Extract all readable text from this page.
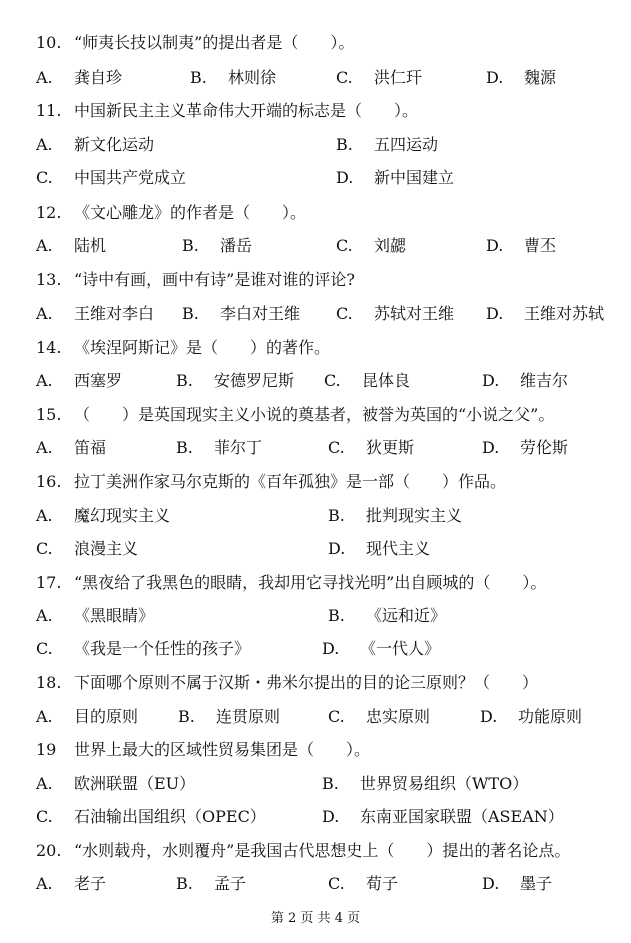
10. “师夷长技以制夷”的提出者是（　　）。
A. 龚自珍	B. 林则徐	C. 洪仁玕	D. 魏源
11. 中国新民主主义革命伟大开端的标志是（　　）。
A. 新文化运动	B. 五四运动
C. 中国共产党成立	D. 新中国建立
12. 《文心雕龙》的作者是（　　）。
A. 陆机	B. 潘岳	C. 刘勰	D. 曹丕
13. “诗中有画，画中有诗”是谁对谁的评论?
A. 王维对李白 B. 李白对王维 C. 苏轼对王维 D. 王维对苏轼
14. 《埃涅阿斯记》是（　　）的著作。
A. 西塞罗	B. 安德罗尼斯 C. 昆体良	D. 维吉尔
15. （　　）是英国现实主义小说的奠基者，被誉为英国的“小说之父”。
A. 笛福	B. 菲尔丁	C. 狄更斯	D. 劳伦斯
16. 拉丁美洲作家马尔克斯的《百年孤独》是一部（　　）作品。
A. 魔幻现实主义	B. 批判现实主义
C. 浪漫主义	D. 现代主义
17. “黑夜给了我黑色的眼睛，我却用它寻找光明”出自顾城的（　　）。
A. 《黑眼睛》	B. 《远和近》
C. 《我是一个任性的孩子》	D. 《一代人》
18. 下面哪个原则不属于汉斯・弗米尔提出的目的论三原则？（　　）
A. 目的原则 B. 连贯原则	C. 忠实原则	D. 功能原则
19 世界上最大的区域性贸易集团是（　　）。
A. 欧洲联盟（EU）	B. 世界贸易组织（WTO）
C. 石油输出国组织（OPEC）	D. 东南亚国家联盟（ASEAN）
20. “水则载舟，水则覆舟”是我国古代思想史上（　　）提出的著名论点。
A. 老子	B. 孟子	C. 荀子	D. 墨子
第 2 页 共 4 页
